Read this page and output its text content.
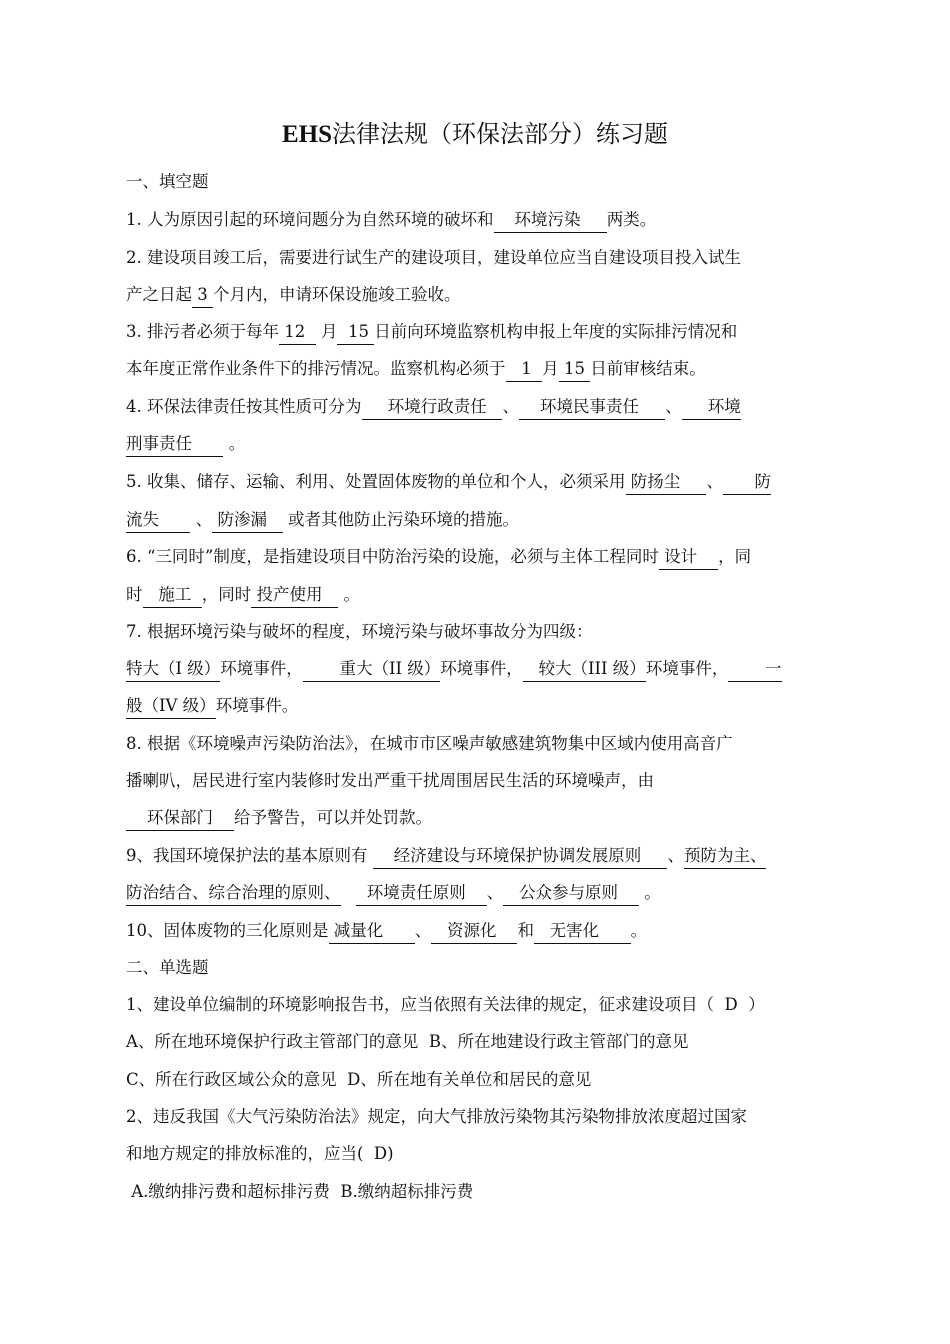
EHS法律法规（环保法部分）练习题
一、填空题
1. 人为原因引起的环境问题分为自然环境的破坏和    环境污染     两类。
2. 建设项目竣工后，需要进行试生产的建设项目，建设单位应当自建设项目投入试生
产之日起 3 个月内，申请环保设施竣工验收。
3. 排污者必须于每年 12   月  15 日前向环境监察机构申报上年度的实际排污情况和
本年度正常作业条件下的排污情况。监察机构必须于   1  月 15 日前审核结束。
4. 环保法律责任按其性质可分为     环境行政责任   、    环境民事责任     、     环境
刑事责任       。
5. 收集、储存、运输、利用、处置固体废物的单位和个人，必须采用 防扬尘     、      防
流失       、 防渗漏    或者其他防止污染环境的措施。
6. “三同时”制度，是指建设项目中防治污染的设施，必须与主体工程同时 设计    ，同
时   施工  ，同时 投产使用    。
7. 根据环境污染与破坏的程度，环境污染与破坏事故分为四级：
特大（I 级）环境事件，       重大（II 级）环境事件，   较大（III 级）环境事件，       一
般（IV 级）环境事件。
8. 根据《环境噪声污染防治法》，在城市市区噪声敏感建筑物集中区域内使用高音广
播喇叭，居民进行室内装修时发出严重干扰周围居民生活的环境噪声，由
环保部门    给予警告，可以并处罚款。
9、我国环境保护法的基本原则有     经济建设与环境保护协调发展原则     、预防为主、
防治结合、综合治理的原则、     环境责任原则    、   公众参与原则     。
10、固体废物的三化原则是 减量化      、   资源化    和   无害化      。
二、单选题
1、建设单位编制的环境影响报告书，应当依照有关法律的规定，征求建设项目（  D  ）
A、所在地环境保护行政主管部门的意见  B、所在地建设行政主管部门的意见
C、所在行政区域公众的意见  D、所在地有关单位和居民的意见
2、违反我国《大气污染防治法》规定，向大气排放污染物其污染物排放浓度超过国家
和地方规定的排放标准的，应当(  D)
A.缴纳排污费和超标排污费  B.缴纳超标排污费
